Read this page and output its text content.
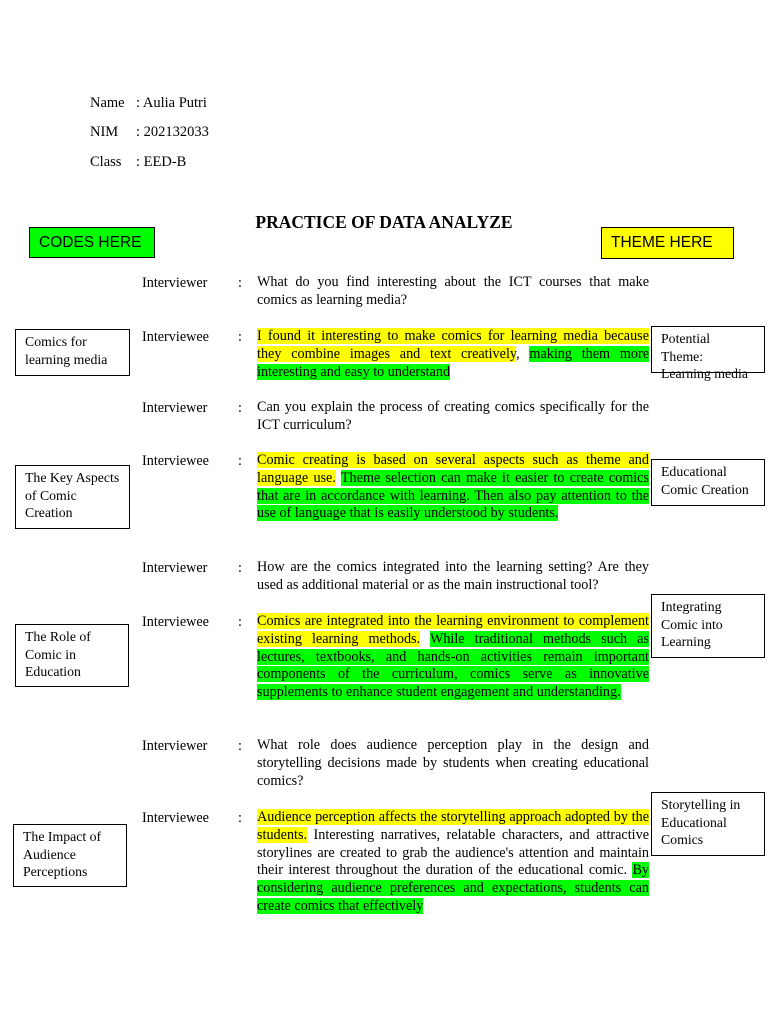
Name : Aulia Putri
NIM : 202132033
Class : EED-B
PRACTICE OF DATA ANALYZE
CODES HERE	THEME HERE
Comics for learning media
The Key Aspects of Comic Creation
The Role of Comic in Education
The Impact of Audience Perceptions
Potential Theme: Learning media
Educational Comic Creation
Integrating Comic into Learning
Storytelling in Educational Comics
Interviewer : What do you find interesting about the ICT courses that make comics as learning media?
Interviewee : I found it interesting to make comics for learning media because they combine images and text creatively, making them more interesting and easy to understand
Interviewer : Can you explain the process of creating comics specifically for the ICT curriculum?
Interviewee : Comic creating is based on several aspects such as theme and language use. Theme selection can make it easier to create comics that are in accordance with learning. Then also pay attention to the use of language that is easily understood by students.
Interviewer : How are the comics integrated into the learning setting? Are they used as additional material or as the main instructional tool?
Interviewee : Comics are integrated into the learning environment to complement existing learning methods. While traditional methods such as lectures, textbooks, and hands-on activities remain important components of the curriculum, comics serve as innovative supplements to enhance student engagement and understanding.
Interviewer : What role does audience perception play in the design and storytelling decisions made by students when creating educational comics?
Interviewee : Audience perception affects the storytelling approach adopted by the students. Interesting narratives, relatable characters, and attractive storylines are created to grab the audience's attention and maintain their interest throughout the duration of the educational comic. By considering audience preferences and expectations, students can create comics that effectively
